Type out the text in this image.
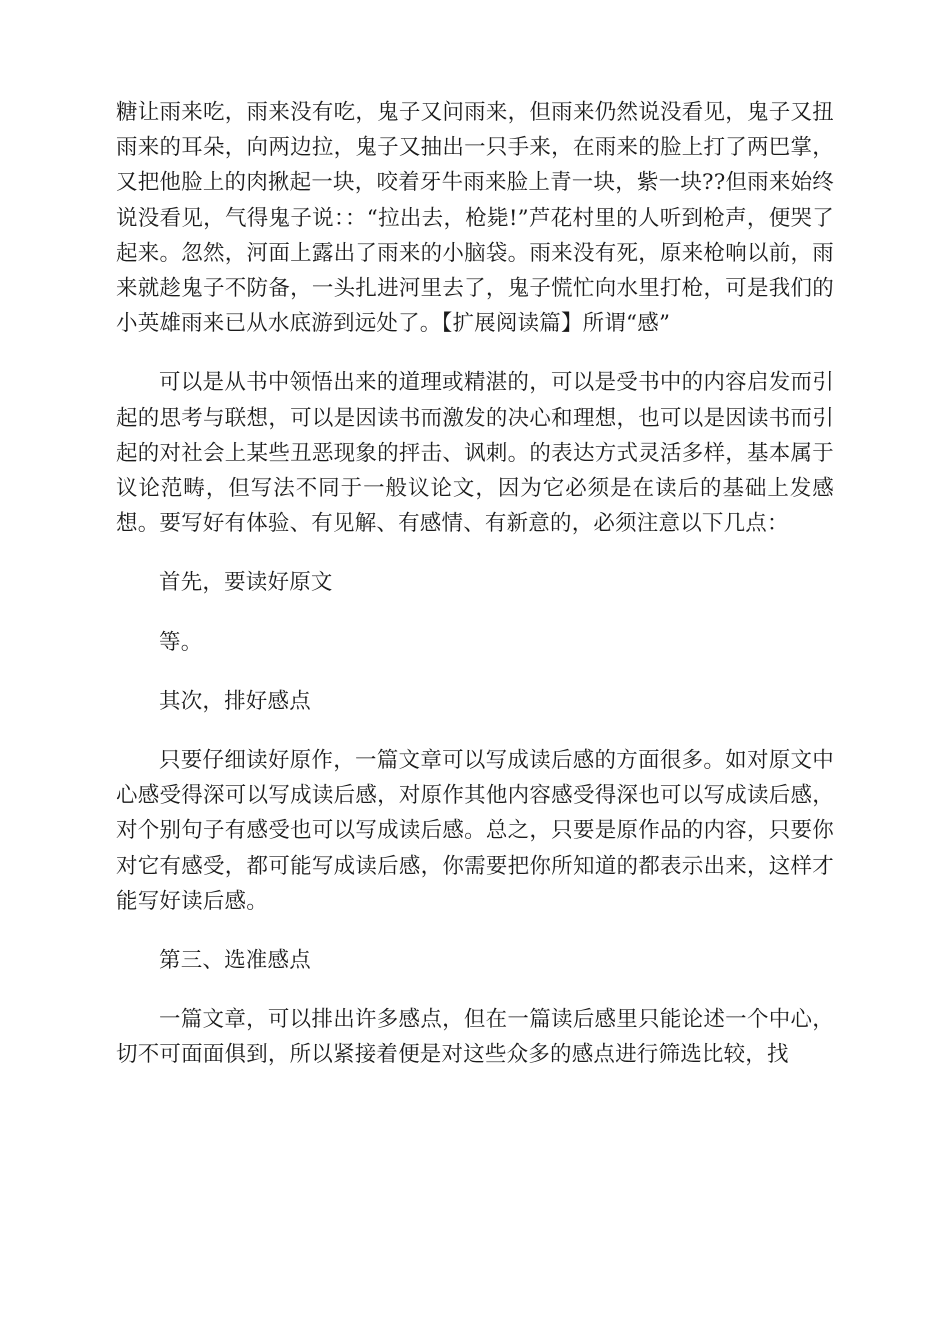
糖让雨来吃，雨来没有吃，鬼子又问雨来，但雨来仍然说没看见，鬼子又扭雨来的耳朵，向两边拉，鬼子又抽出一只手来，在雨来的脸上打了两巴掌，又把他脸上的肉揪起一块，咬着牙牛雨来脸上青一块，紫一块??但雨来始终说没看见，气得鬼子说：：“拉出去，枪毙!”芦花村里的人听到枪声，便哭了起来。忽然，河面上露出了雨来的小脑袋。雨来没有死，原来枪响以前，雨来就趁鬼子不防备，一头扎进河里去了，鬼子慌忙向水里打枪，可是我们的小英雄雨来已从水底游到远处了。【扩展阅读篇】所谓“感”

可以是从书中领悟出来的道理或精湛的，可以是受书中的内容启发而引起的思考与联想，可以是因读书而激发的决心和理想，也可以是因读书而引起的对社会上某些丑恶现象的抨击、讽刺。的表达方式灵活多样，基本属于议论范畴，但写法不同于一般议论文，因为它必须是在读后的基础上发感想。要写好有体验、有见解、有感情、有新意的，必须注意以下几点：

首先，要读好原文

等。

其次，排好感点

只要仔细读好原作，一篇文章可以写成读后感的方面很多。如对原文中心感受得深可以写成读后感，对原作其他内容感受得深也可以写成读后感，对个别句子有感受也可以写成读后感。总之，只要是原作品的内容，只要你对它有感受，都可能写成读后感，你需要把你所知道的都表示出来，这样才能写好读后感。

第三、选准感点

一篇文章，可以排出许多感点，但在一篇读后感里只能论述一个中心，切不可面面俱到，所以紧接着便是对这些众多的感点进行筛选比较，找
